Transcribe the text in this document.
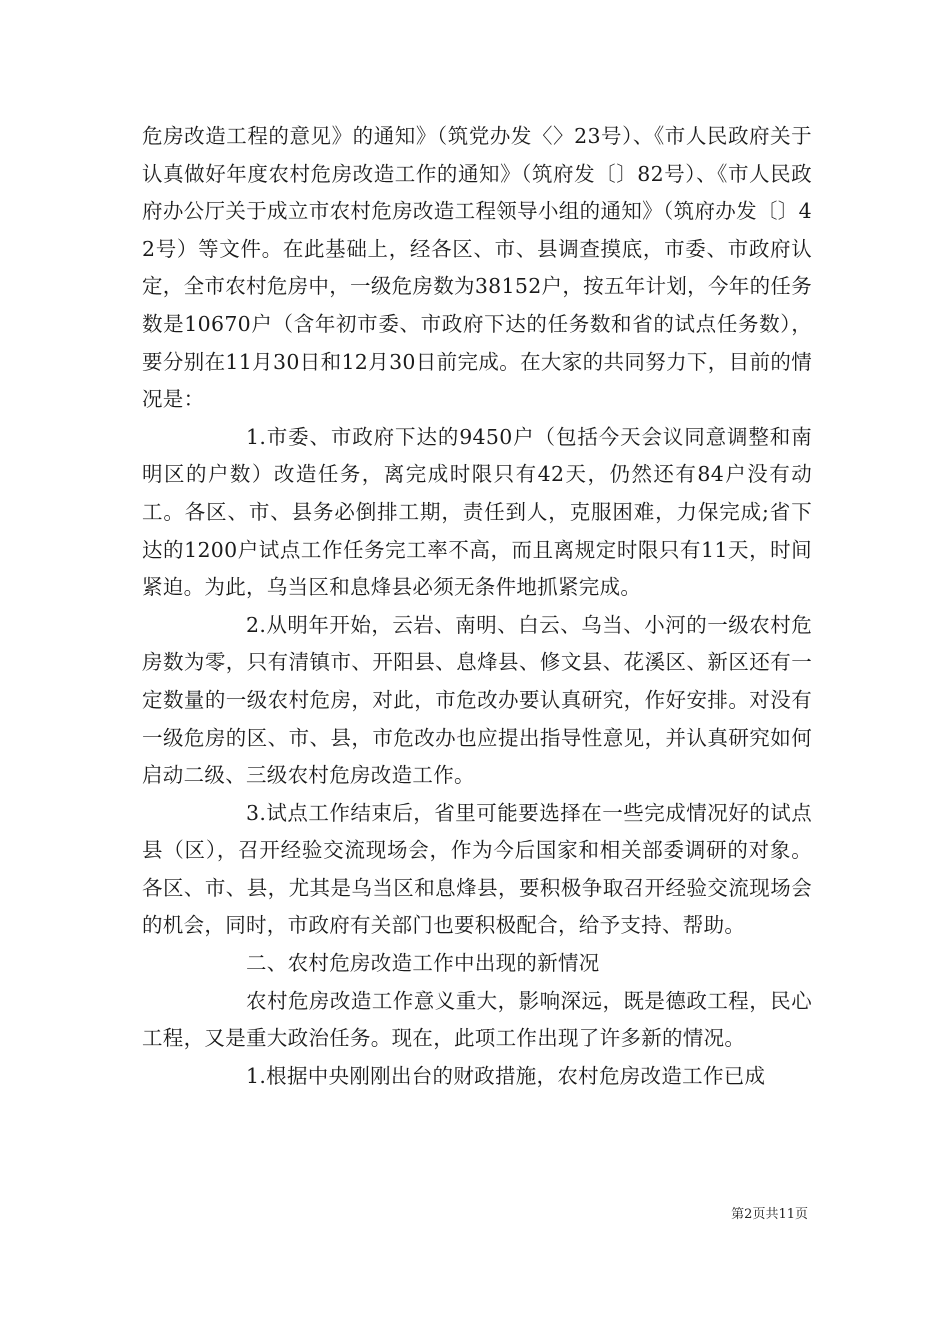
危房改造工程的意见》的通知》（筑党办发〈〉23号）、《市人民政府关于认真做好年度农村危房改造工作的通知》（筑府发〔〕82号）、《市人民政府办公厅关于成立市农村危房改造工程领导小组的通知》（筑府办发〔〕42号）等文件。在此基础上，经各区、市、县调查摸底，市委、市政府认定，全市农村危房中，一级危房数为38152户，按五年计划，今年的任务数是10670户（含年初市委、市政府下达的任务数和省的试点任务数），要分别在11月30日和12月30日前完成。在大家的共同努力下，目前的情况是：

1.市委、市政府下达的9450户（包括今天会议同意调整和南明区的户数）改造任务，离完成时限只有42天，仍然还有84户没有动工。各区、市、县务必倒排工期，责任到人，克服困难，力保完成;省下达的1200户试点工作任务完工率不高，而且离规定时限只有11天，时间紧迫。为此，乌当区和息烽县必须无条件地抓紧完成。

2.从明年开始，云岩、南明、白云、乌当、小河的一级农村危房数为零，只有清镇市、开阳县、息烽县、修文县、花溪区、新区还有一定数量的一级农村危房，对此，市危改办要认真研究，作好安排。对没有一级危房的区、市、县，市危改办也应提出指导性意见，并认真研究如何启动二级、三级农村危房改造工作。

3.试点工作结束后，省里可能要选择在一些完成情况好的试点县（区），召开经验交流现场会，作为今后国家和相关部委调研的对象。各区、市、县，尤其是乌当区和息烽县，要积极争取召开经验交流现场会的机会，同时，市政府有关部门也要积极配合，给予支持、帮助。

二、农村危房改造工作中出现的新情况

农村危房改造工作意义重大，影响深远，既是德政工程，民心工程，又是重大政治任务。现在，此项工作出现了许多新的情况。

1.根据中央刚刚出台的财政措施，农村危房改造工作已成

第2页共11页
